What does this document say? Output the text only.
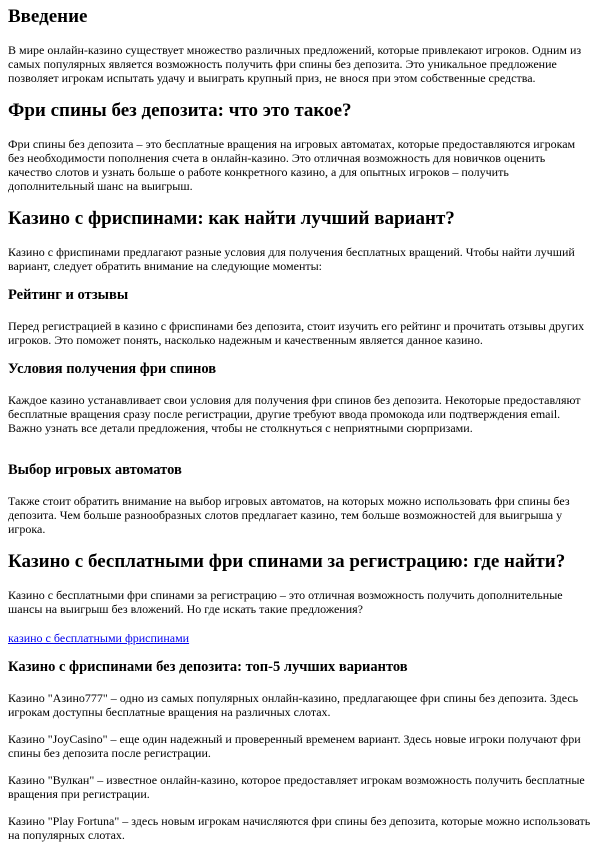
Введение

В мире онлайн-казино существует множество различных предложений, которые привлекают игроков. Одним из самых популярных является возможность получить фри спины без депозита. Это уникальное предложение позволяет игрокам испытать удачу и выиграть крупный приз, не внося при этом собственные средства.

Фри спины без депозита: что это такое?

Фри спины без депозита – это бесплатные вращения на игровых автоматах, которые предоставляются игрокам без необходимости пополнения счета в онлайн-казино. Это отличная возможность для новичков оценить качество слотов и узнать больше о работе конкретного казино, а для опытных игроков – получить дополнительный шанс на выигрыш.

Казино с фриспинами: как найти лучший вариант?

Казино с фриспинами предлагают разные условия для получения бесплатных вращений. Чтобы найти лучший вариант, следует обратить внимание на следующие моменты:

Рейтинг и отзывы

Перед регистрацией в казино с фриспинами без депозита, стоит изучить его рейтинг и прочитать отзывы других игроков. Это поможет понять, насколько надежным и качественным является данное казино.

Условия получения фри спинов

Каждое казино устанавливает свои условия для получения фри спинов без депозита. Некоторые предоставляют бесплатные вращения сразу после регистрации, другие требуют ввода промокода или подтверждения email. Важно узнать все детали предложения, чтобы не столкнуться с неприятными сюрпризами.

Выбор игровых автоматов

Также стоит обратить внимание на выбор игровых автоматов, на которых можно использовать фри спины без депозита. Чем больше разнообразных слотов предлагает казино, тем больше возможностей для выигрыша у игрока.

Казино с бесплатными фри спинами за регистрацию: где найти?

Казино с бесплатными фри спинами за регистрацию – это отличная возможность получить дополнительные шансы на выигрыш без вложений. Но где искать такие предложения?

казино с бесплатными фриспинами

Казино с фриспинами без депозита: топ-5 лучших вариантов

Казино "Азино777" – одно из самых популярных онлайн-казино, предлагающее фри спины без депозита. Здесь игрокам доступны бесплатные вращения на различных слотах.

Казино "JoyCasino" – еще один надежный и проверенный временем вариант. Здесь новые игроки получают фри спины без депозита после регистрации.

Казино "Вулкан" – известное онлайн-казино, которое предоставляет игрокам возможность получить бесплатные вращения при регистрации.

Казино "Play Fortuna" – здесь новым игрокам начисляются фри спины без депозита, которые можно использовать на популярных слотах.
